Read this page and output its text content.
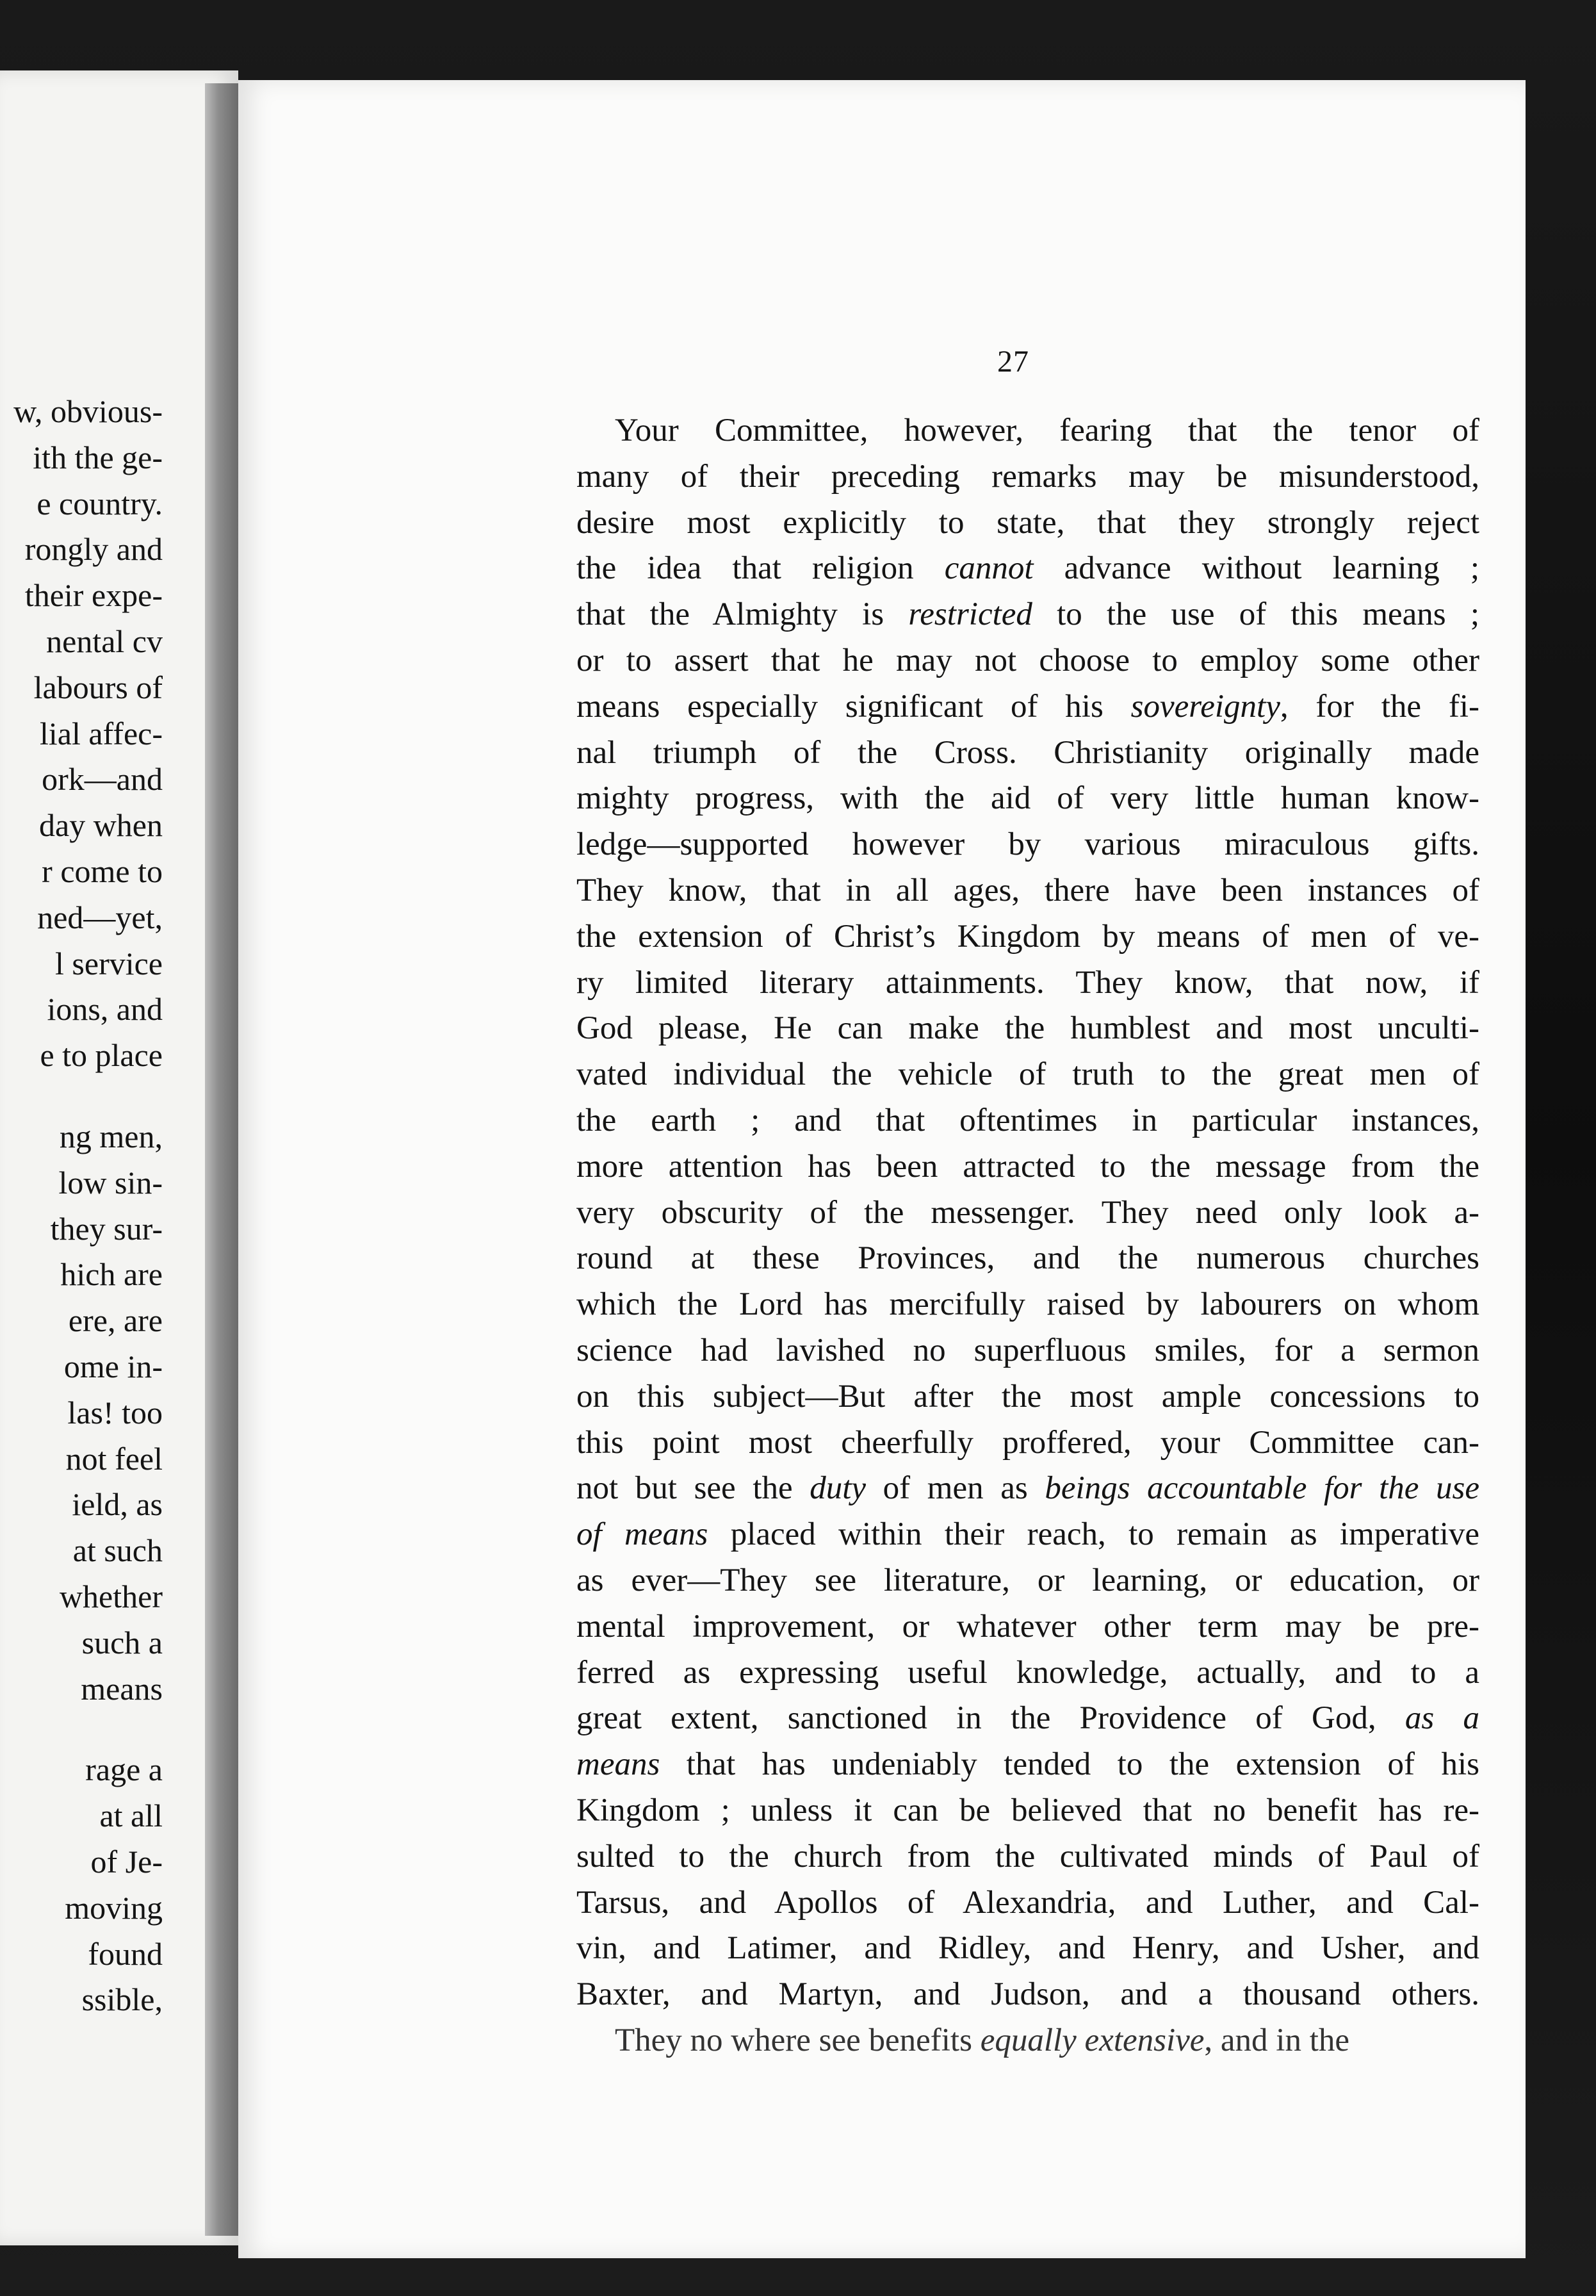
w, obvious-
ith the ge-
e country.
rongly and
their expe-
nental cv
labours of
lial affec-
ork—and
day when
r come to
ned—yet,
l service
ions, and
e to place
ng men,
low sin-
they sur-
hich are
ere, are
ome in-
las! too
not feel
ield, as
at such
whether
such a
means
rage a
at all
of Je-
moving
found
ssible,
27
Your Committee, however, fearing that the tenor of
many of their preceding remarks may be misunderstood,
desire most explicitly to state, that they strongly reject
the idea that religion cannot advance without learning ;
that the Almighty is restricted to the use of this means ;
or to assert that he may not choose to employ some other
means especially significant of his sovereignty, for the fi-
nal triumph of the Cross. Christianity originally made
mighty progress, with the aid of very little human know-
ledge—supported however by various miraculous gifts.
They know, that in all ages, there have been instances of
the extension of Christ’s Kingdom by means of men of ve-
ry limited literary attainments. They know, that now, if
God please, He can make the humblest and most unculti-
vated individual the vehicle of truth to the great men of
the earth ; and that oftentimes in particular instances,
more attention has been attracted to the message from the
very obscurity of the messenger. They need only look a-
round at these Provinces, and the numerous churches
which the Lord has mercifully raised by labourers on whom
science had lavished no superfluous smiles, for a sermon
on this subject—But after the most ample concessions to
this point most cheerfully proffered, your Committee can-
not but see the duty of men as beings accountable for the use
of means placed within their reach, to remain as imperative
as ever—They see literature, or learning, or education, or
mental improvement, or whatever other term may be pre-
ferred as expressing useful knowledge, actually, and to a
great extent, sanctioned in the Providence of God, as a
means that has undeniably tended to the extension of his
Kingdom ; unless it can be believed that no benefit has re-
sulted to the church from the cultivated minds of Paul of
Tarsus, and Apollos of Alexandria, and Luther, and Cal-
vin, and Latimer, and Ridley, and Henry, and Usher, and
Baxter, and Martyn, and Judson, and a thousand others.
They no where see benefits equally extensive, and in the
